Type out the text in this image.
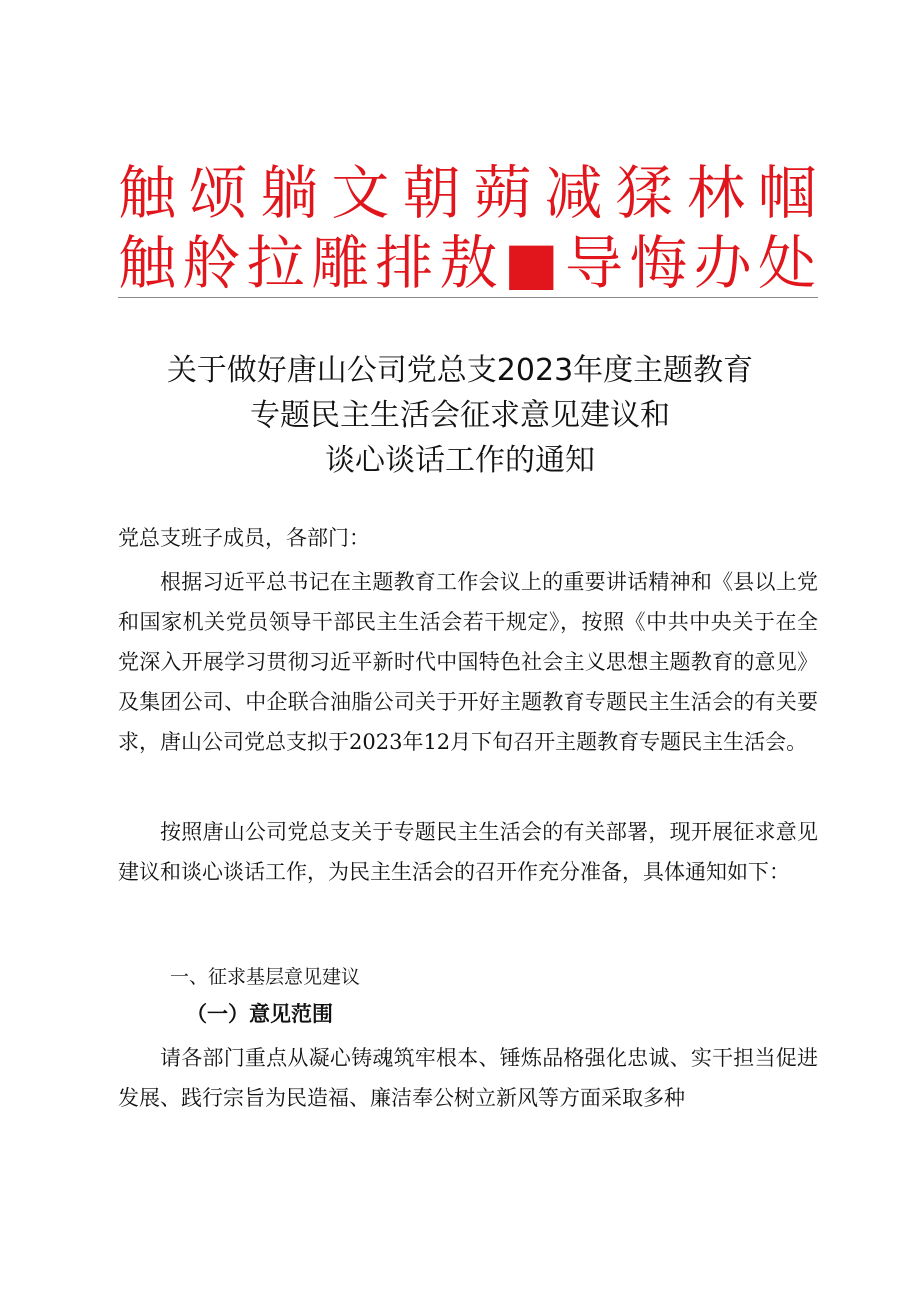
触颂躺文朝蒴减猱林帼
触舲拉雕排敖■导悔办处
关于做好唐山公司党总支2023年度主题教育
专题民主生活会征求意见建议和
谈心谈话工作的通知
党总支班子成员，各部门：

根据习近平总书记在主题教育工作会议上的重要讲话精神和《县以上党和国家机关党员领导干部民主生活会若干规定》，按照《中共中央关于在全党深入开展学习贯彻习近平新时代中国特色社会主义思想主题教育的意见》及集团公司、中企联合油脂公司关于开好主题教育专题民主生活会的有关要求，唐山公司党总支拟于2023年12月下旬召开主题教育专题民主生活会。

按照唐山公司党总支关于专题民主生活会的有关部署，现开展征求意见建议和谈心谈话工作，为民主生活会的召开作充分准备，具体通知如下：

一、征求基层意见建议
（一）意见范围

请各部门重点从凝心铸魂筑牢根本、锤炼品格强化忠诚、实干担当促进发展、践行宗旨为民造福、廉洁奉公树立新风等方面采取多种
